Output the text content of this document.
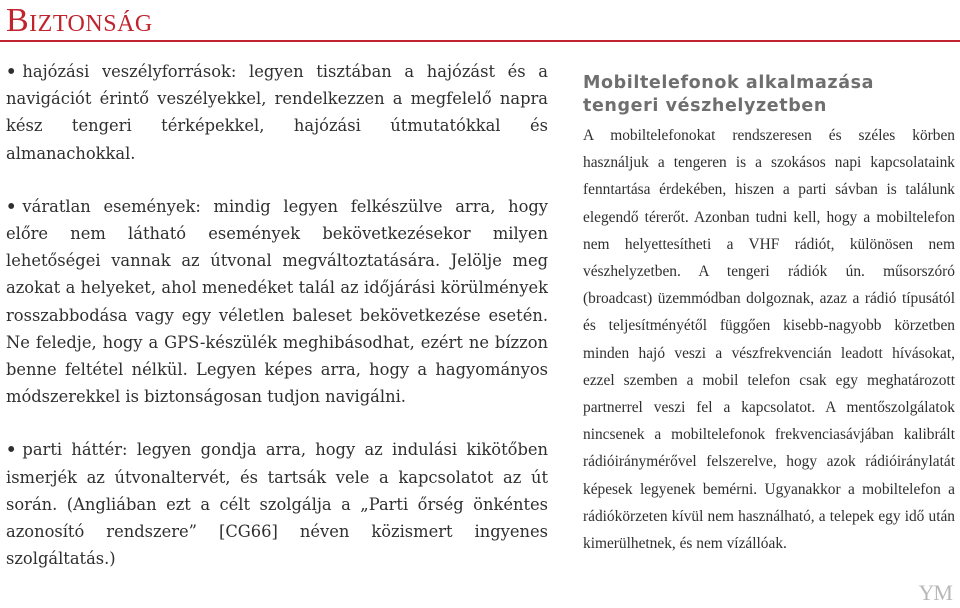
Biztonság

• hajózási veszélyforrások: legyen tisztában a hajózást és a navigációt érintő veszélyekkel, rendelkezzen a megfelelő napra kész tengeri térképekkel, hajózási útmutatókkal és almanachokkal.

• váratlan események: mindig legyen felkészülve arra, hogy előre nem látható események bekövetkezésekor milyen lehetőségei vannak az útvonal megváltoztatására. Jelölje meg azokat a helyeket, ahol menedéket talál az időjárási körülmények rosszabbodása vagy egy véletlen baleset bekövetkezése esetén. Ne feledje, hogy a GPS-készülék meghibásodhat, ezért ne bízzon benne feltétel nélkül. Legyen képes arra, hogy a hagyományos módszerekkel is biztonságosan tudjon navigálni.

• parti háttér: legyen gondja arra, hogy az indulási kikötőben ismerjék az útvonaltervét, és tartsák vele a kapcsolatot az út során. (Angliában ezt a célt szolgálja a „Parti őrség önkéntes azonosító rendszere” [CG66] néven közismert ingyenes szolgáltatás.)

Mobiltelefonok alkalmazása
tengeri vészhelyzetben

A mobiltelefonokat rendszeresen és széles körben használjuk a tengeren is a szokásos napi kapcsolataink fenntartása érdekében, hiszen a parti sávban is találunk elegendő térerőt. Azonban tudni kell, hogy a mobiltelefon nem helyettesítheti a VHF rádiót, különösen nem vészhelyzetben. A tengeri rádiók ún. műsorszóró (broadcast) üzemmódban dolgoznak, azaz a rádió típusától és teljesítményétől függően kisebb-nagyobb körzetben minden hajó veszi a vészfrekvencián leadott hívásokat, ezzel szemben a mobil telefon csak egy meghatározott partnerrel veszi fel a kapcsolatot. A mentőszolgálatok nincsenek a mobiltelefonok frekvenciasávjában kalibrált rádióiránymérővel felszerelve, hogy azok rádióiránylatát képesek legyenek bemérni. Ugyanakkor a mobiltelefon a rádiókörzeten kívül nem használható, a telepek egy idő után kimerülhetnek, és nem vízállóak.

YM
